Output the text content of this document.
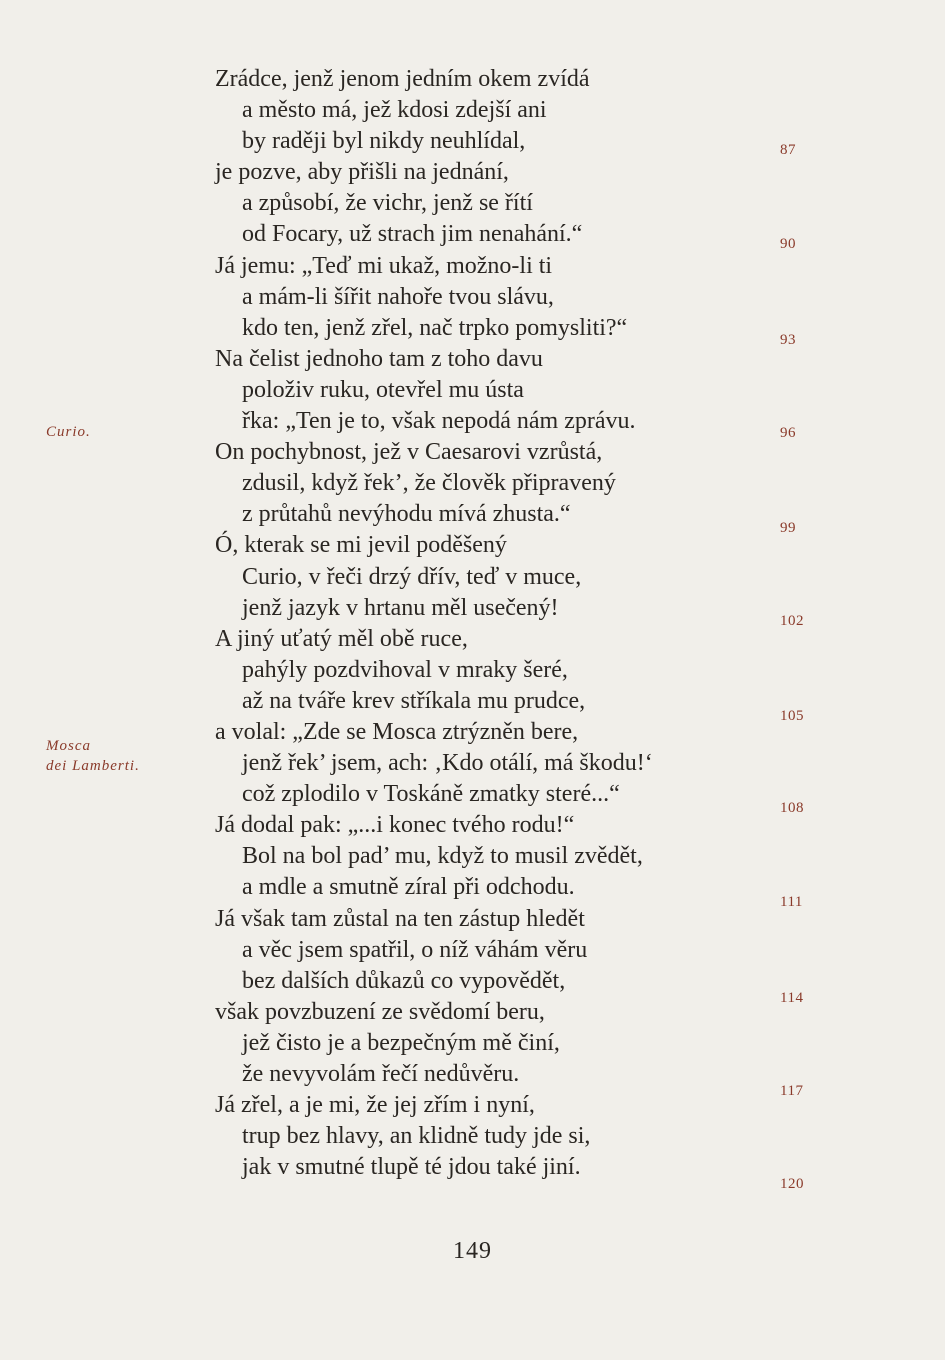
Zrádce, jenž jenom jedním okem zvídá
a město má, jež kdosi zdejší ani
by raději byl nikdy neuhlídal,
je pozve, aby přišli na jednání,
a způsobí, že vichr, jenž se řítí
od Focary, už strach jim nenahání.“
Já jemu: „Teď mi ukaž, možno-li ti
a mám-li šířit nahoře tvou slávu,
kdo ten, jenž zřel, nač trpko pomysliti?“
Na čelist jednoho tam z toho davu
položiv ruku, otevřel mu ústa
řka: „Ten je to, však nepodá nám zprávu.
On pochybnost, jež v Caesarovi vzrůstá,
zdusil, když řek’, že člověk připravený
z průtahů nevýhodu mívá zhusta.“
Ó, kterak se mi jevil poděšený
Curio, v řeči drzý dřív, teď v muce,
jenž jazyk v hrtanu měl usečený!
A jiný uťatý měl obě ruce,
pahýly pozdvihoval v mraky šeré,
až na tváře krev stříkala mu prudce,
a volal: „Zde se Mosca ztrýzněn bere,
jenž řek’ jsem, ach: ‚Kdo otálí, má škodu!‘
což zplodilo v Toskáně zmatky steré...“
Já dodal pak: „...i konec tvého rodu!“
Bol na bol pad’ mu, když to musil zvědět,
a mdle a smutně zíral při odchodu.
Já však tam zůstal na ten zástup hledět
a věc jsem spatřil, o níž váhám věru
bez dalších důkazů co vypovědět,
však povzbuzení ze svědomí beru,
jež čisto je a bezpečným mě činí,
že nevyvolám řečí nedůvěru.
Já zřel, a je mi, že jej zřím i nyní,
trup bez hlavy, an klidně tudy jde si,
jak v smutné tlupě té jdou také jiní.
87
90
93
96
99
102
105
108
111
114
117
120
Curio.
Mosca
dei Lamberti.
149
